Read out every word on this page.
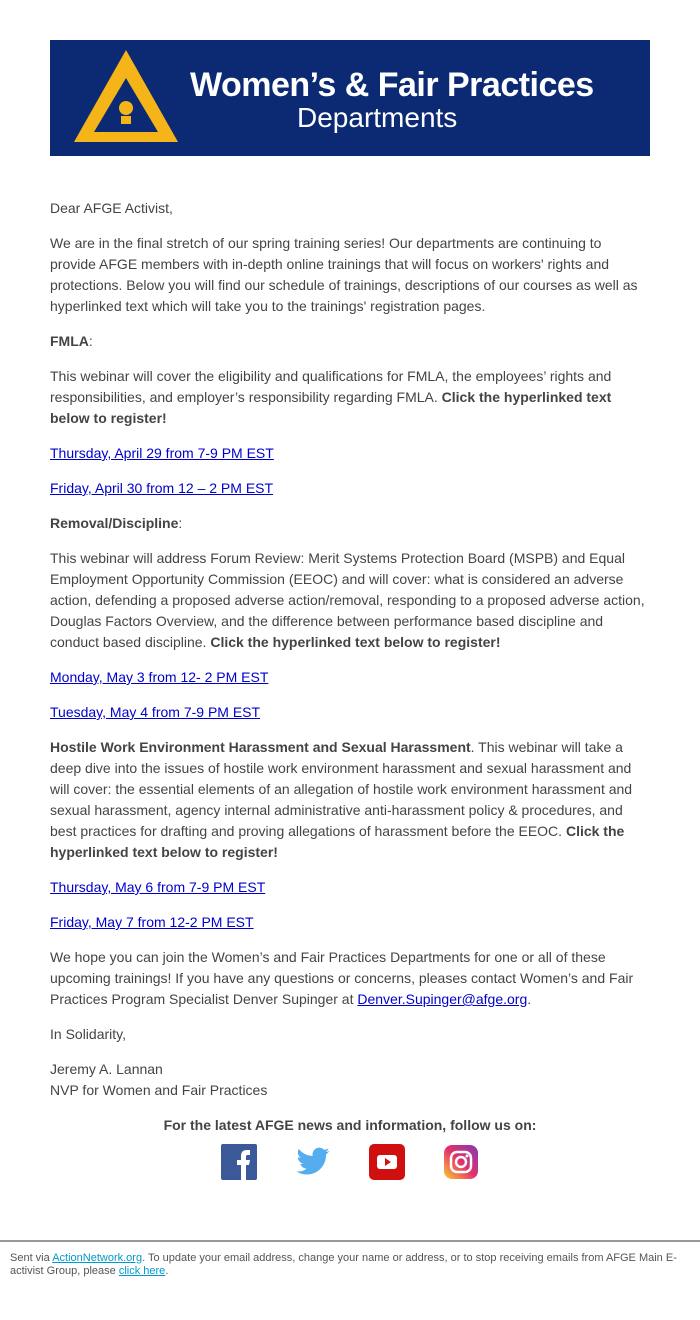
Women’s & Fair Practices
Departments

Dear AFGE Activist,

We are in the final stretch of our spring training series! Our departments are continuing to provide AFGE members with in-depth online trainings that will focus on workers' rights and protections. Below you will find our schedule of trainings, descriptions of our courses as well as hyperlinked text which will take you to the trainings' registration pages.

FMLA:

This webinar will cover the eligibility and qualifications for FMLA, the employees’ rights and responsibilities, and employer’s responsibility regarding FMLA. Click the hyperlinked text below to register!

Thursday, April 29 from 7-9 PM EST

Friday, April 30 from 12 – 2 PM EST

Removal/Discipline:

This webinar will address Forum Review: Merit Systems Protection Board (MSPB) and Equal Employment Opportunity Commission (EEOC) and will cover: what is considered an adverse action, defending a proposed adverse action/removal, responding to a proposed adverse action, Douglas Factors Overview, and the difference between performance based discipline and conduct based discipline. Click the hyperlinked text below to register!

Monday, May 3 from 12- 2 PM EST

Tuesday, May 4 from 7-9 PM EST

Hostile Work Environment Harassment and Sexual Harassment. This webinar will take a deep dive into the issues of hostile work environment harassment and sexual harassment and will cover: the essential elements of an allegation of hostile work environment harassment and sexual harassment, agency internal administrative anti-harassment policy & procedures, and best practices for drafting and proving allegations of harassment before the EEOC. Click the hyperlinked text below to register!

Thursday, May 6 from 7-9 PM EST

Friday, May 7 from 12-2 PM EST

We hope you can join the Women’s and Fair Practices Departments for one or all of these upcoming trainings! If you have any questions or concerns, pleases contact Women’s and Fair Practices Program Specialist Denver Supinger at Denver.Supinger@afge.org.

In Solidarity,

Jeremy A. Lannan
NVP for Women and Fair Practices

For the latest AFGE news and information, follow us on:
Sent via ActionNetwork.org. To update your email address, change your name or address, or to stop receiving emails from AFGE Main E-activist Group, please click here.
